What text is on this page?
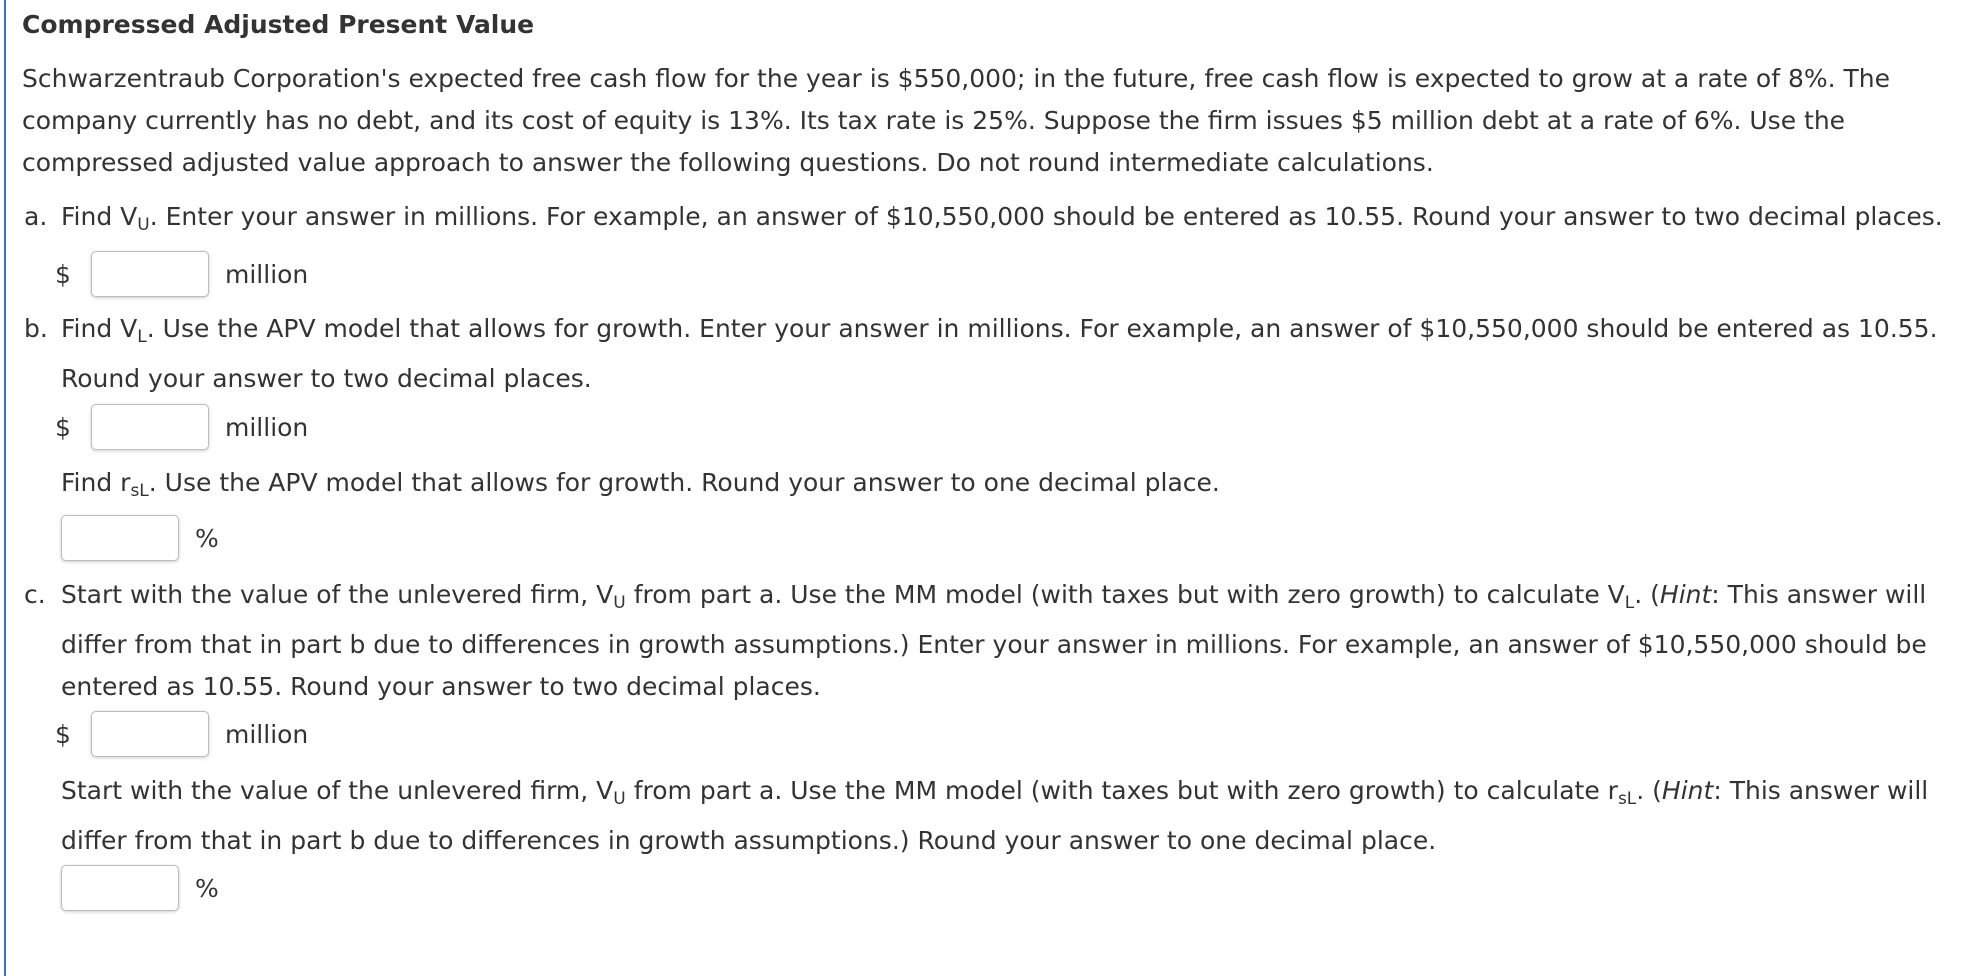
Compressed Adjusted Present Value
Schwarzentraub Corporation's expected free cash flow for the year is $550,000; in the future, free cash flow is expected to grow at a rate of 8%. The company currently has no debt, and its cost of equity is 13%. Its tax rate is 25%. Suppose the firm issues $5 million debt at a rate of 6%. Use the compressed adjusted value approach to answer the following questions. Do not round intermediate calculations.
a. Find $V_U$. Enter your answer in millions. For example, an answer of $10,550,000 should be entered as 10.55. Round your answer to two decimal places.
$	million
b. Find $V_L$. Use the APV model that allows for growth. Enter your answer in millions. For example, an answer of $10,550,000 should be entered as 10.55. Round your answer to two decimal places.
$	million
Find $r_{sL}$. Use the APV model that allows for growth. Round your answer to one decimal place.
%
c. Start with the value of the unlevered firm, $V_U$ from part a. Use the MM model (with taxes but with zero growth) to calculate $V_L$. (Hint: This answer will differ from that in part b due to differences in growth assumptions.) Enter your answer in millions. For example, an answer of $10,550,000 should be entered as 10.55. Round your answer to two decimal places.
$	million
Start with the value of the unlevered firm, $V_U$ from part a. Use the MM model (with taxes but with zero growth) to calculate $r_{sL}$. (Hint: This answer will differ from that in part b due to differences in growth assumptions.) Round your answer to one decimal place.
%
